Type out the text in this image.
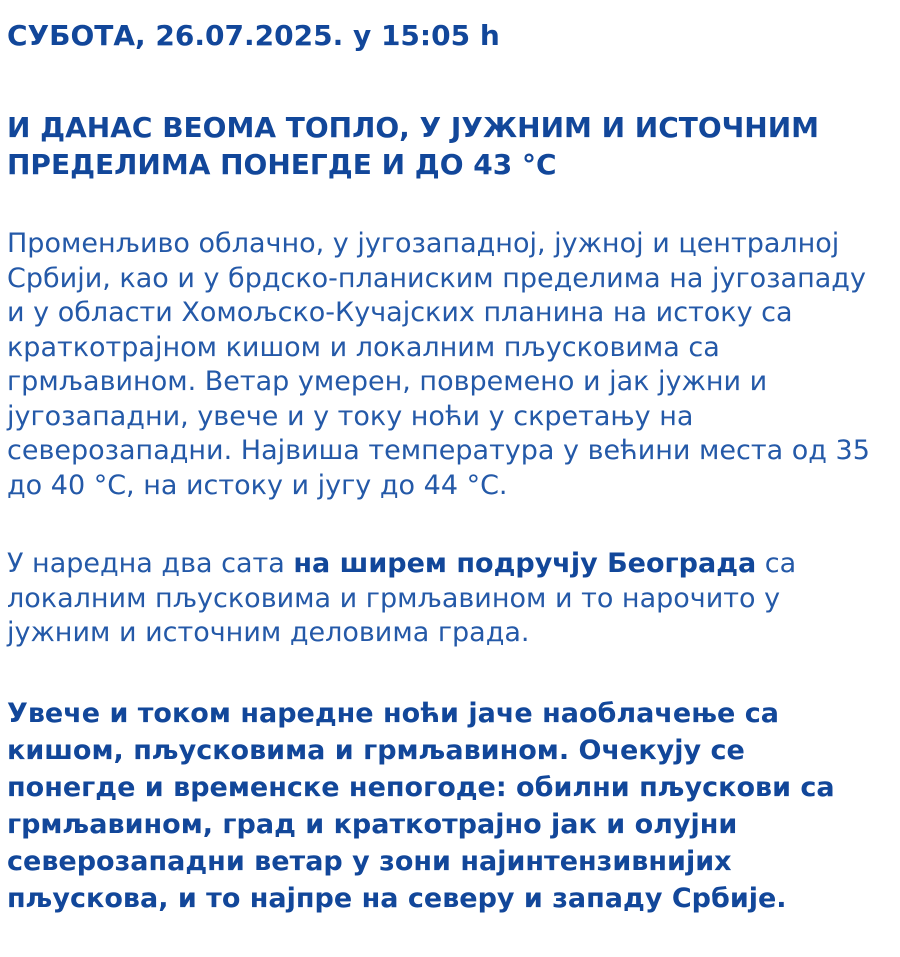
СУБОТА, 26.07.2025. у 15:05 h

И ДАНАС ВЕОМА ТОПЛО, У ЈУЖНИМ И ИСТОЧНИМ ПРЕДЕЛИМА ПОНЕГДЕ И ДО 43 °C

Променљиво облачно, у југозападној, јужној и централној Србији, као и у брдско-планиским пределима на југозападу и у области Хомољско-Кучајских планина на истоку са краткотрајном кишом и локалним пљусковима са грмљавином. Ветар умерен, повремено и јак јужни и југозападни, увече и у току ноћи у скретању на северозападни. Највиша температура у већини места од 35 до 40 °C, на истоку и југу до 44 °C.

У наредна два сата на ширем подручју Београда са локалним пљусковима и грмљавином и то нарочито у јужним и источним деловима града.

Увече и током наредне ноћи јаче наоблачење са кишом, пљусковима и грмљавином. Очекују се понегде и временске непогоде: обилни пљускови са грмљавином, град и краткотрајно јак и олујни северозападни ветар у зони најинтензивнијих пљускова, и то најпре на северу и западу Србије.
